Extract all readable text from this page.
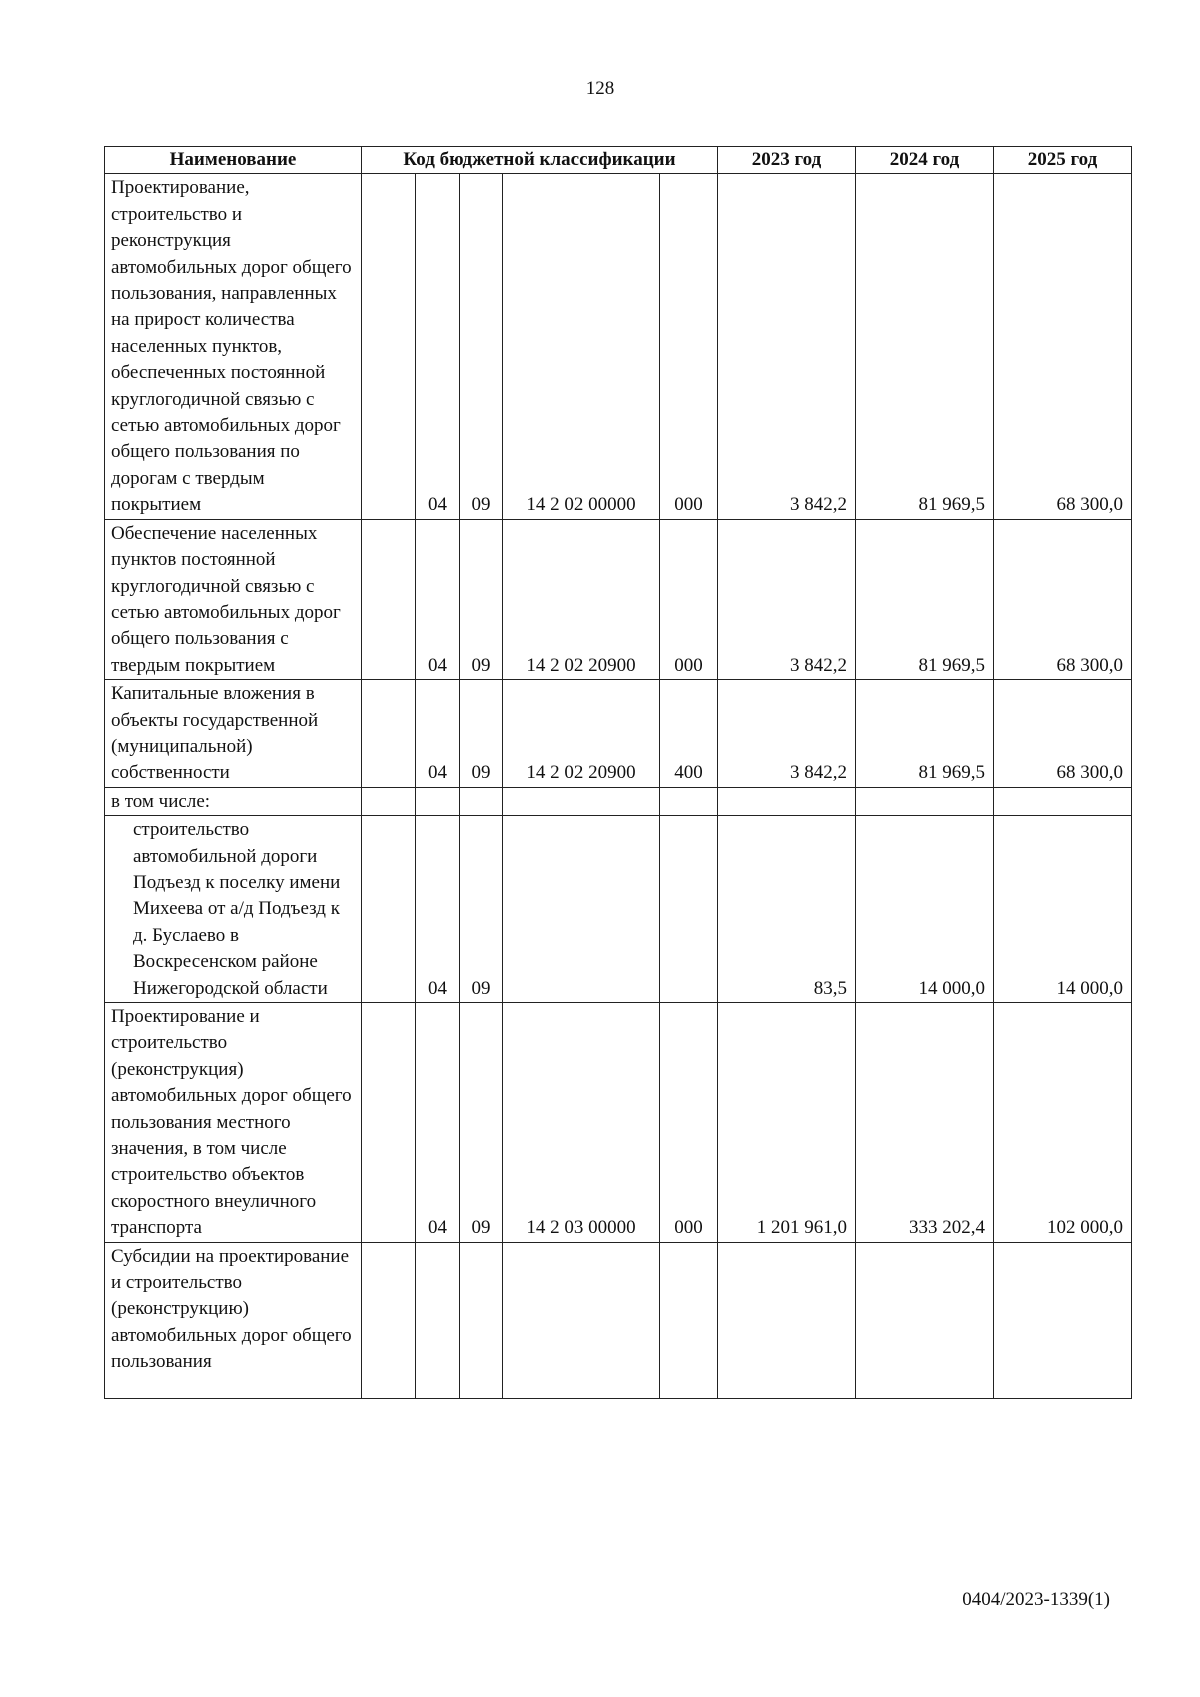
128
Наименование	Код бюджетной классификации					2023 год	2024 год	2025 год
Проектирование, строительство и реконструкция автомобильных дорог общего пользования, направленных на прирост количества населенных пунктов, обеспеченных постоянной круглогодичной связью с сетью автомобильных дорог общего пользования по дорогам с твердым покрытием		04	09	14 2 02 00000	000	3 842,2	81 969,5	68 300,0
Обеспечение населенных пунктов постоянной круглогодичной связью с сетью автомобильных дорог общего пользования с твердым покрытием		04	09	14 2 02 20900	000	3 842,2	81 969,5	68 300,0
Капитальные вложения в объекты государственной (муниципальной) собственности		04	09	14 2 02 20900	400	3 842,2	81 969,5	68 300,0
в том числе:								
строительство автомобильной дороги Подъезд к поселку имени Михеева от а/д Подъезд к д. Буслаево в Воскресенском районе Нижегородской области		04	09			83,5	14 000,0	14 000,0
Проектирование и строительство (реконструкция) автомобильных дорог общего пользования местного значения, в том числе строительство объектов скоростного внеуличного транспорта		04	09	14 2 03 00000	000	1 201 961,0	333 202,4	102 000,0
Субсидии на проектирование и строительство (реконструкцию) автомобильных дорог общего пользования								
0404/2023-1339(1)
